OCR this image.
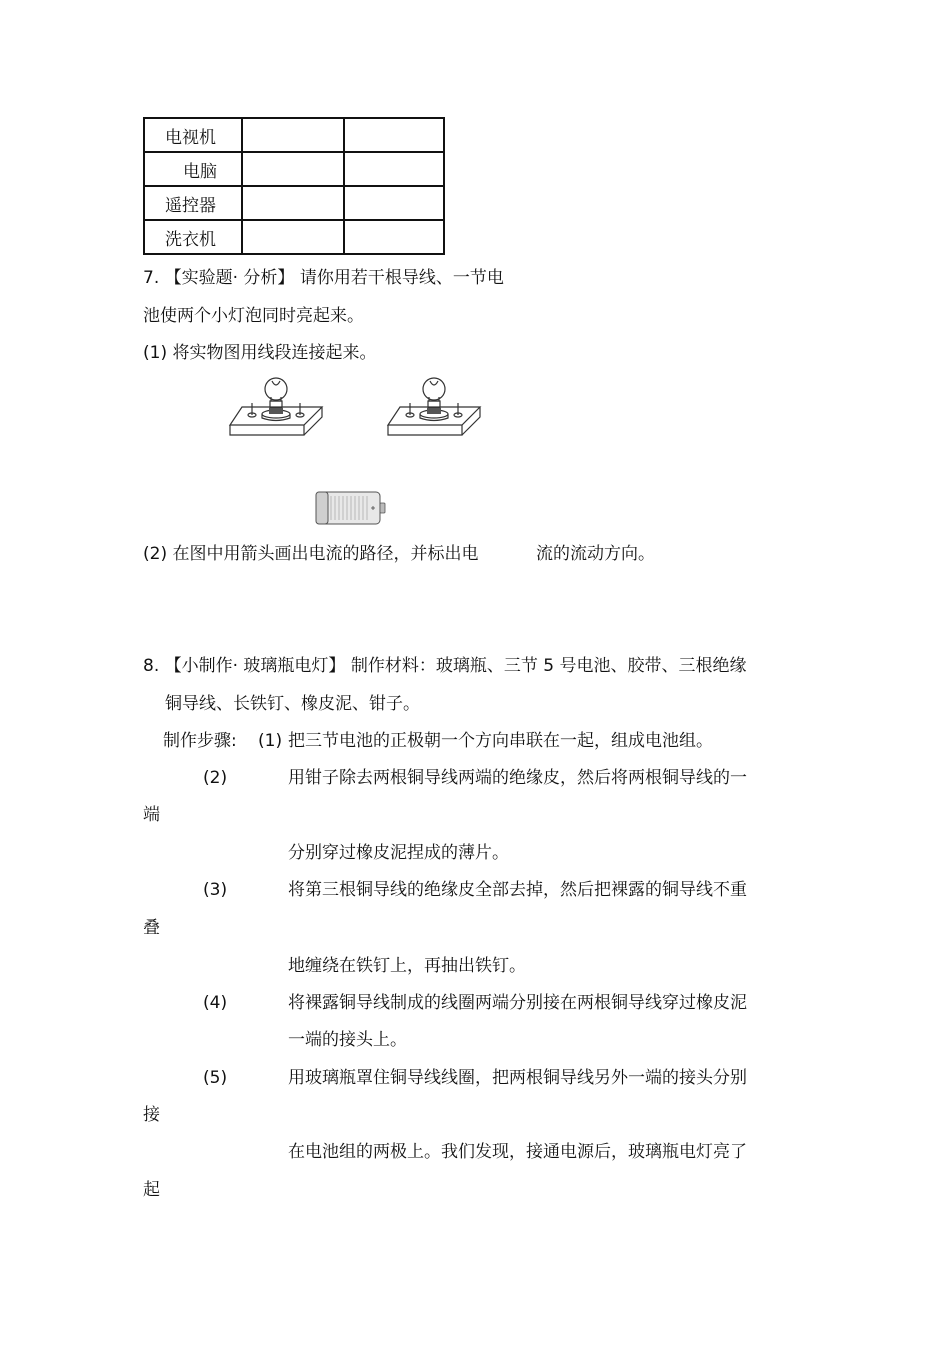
电视机		
电脑		
遥控器		
洗衣机		
7. 【实验题· 分析】 请你用若干根导线、一节电
池使两个小灯泡同时亮起来。
(1) 将实物图用线段连接起来。
(2) 在图中用箭头画出电流的路径，并标出电	流的流动方向。
8. 【小制作· 玻璃瓶电灯】 制作材料：玻璃瓶、三节 5 号电池、胶带、三根绝缘
铜导线、长铁钉、橡皮泥、钳子。
制作步骤: (1) 把三节电池的正极朝一个方向串联在一起，组成电池组。
(2)	用钳子除去两根铜导线两端的绝缘皮，然后将两根铜导线的一
端
分别穿过橡皮泥捏成的薄片。
(3)	将第三根铜导线的绝缘皮全部去掉，然后把裸露的铜导线不重
叠
地缠绕在铁钉上，再抽出铁钉。
(4)	将裸露铜导线制成的线圈两端分别接在两根铜导线穿过橡皮泥
一端的接头上。
(5)	用玻璃瓶罩住铜导线线圈，把两根铜导线另外一端的接头分别
接
在电池组的两极上。我们发现，接通电源后，玻璃瓶电灯亮了
起
